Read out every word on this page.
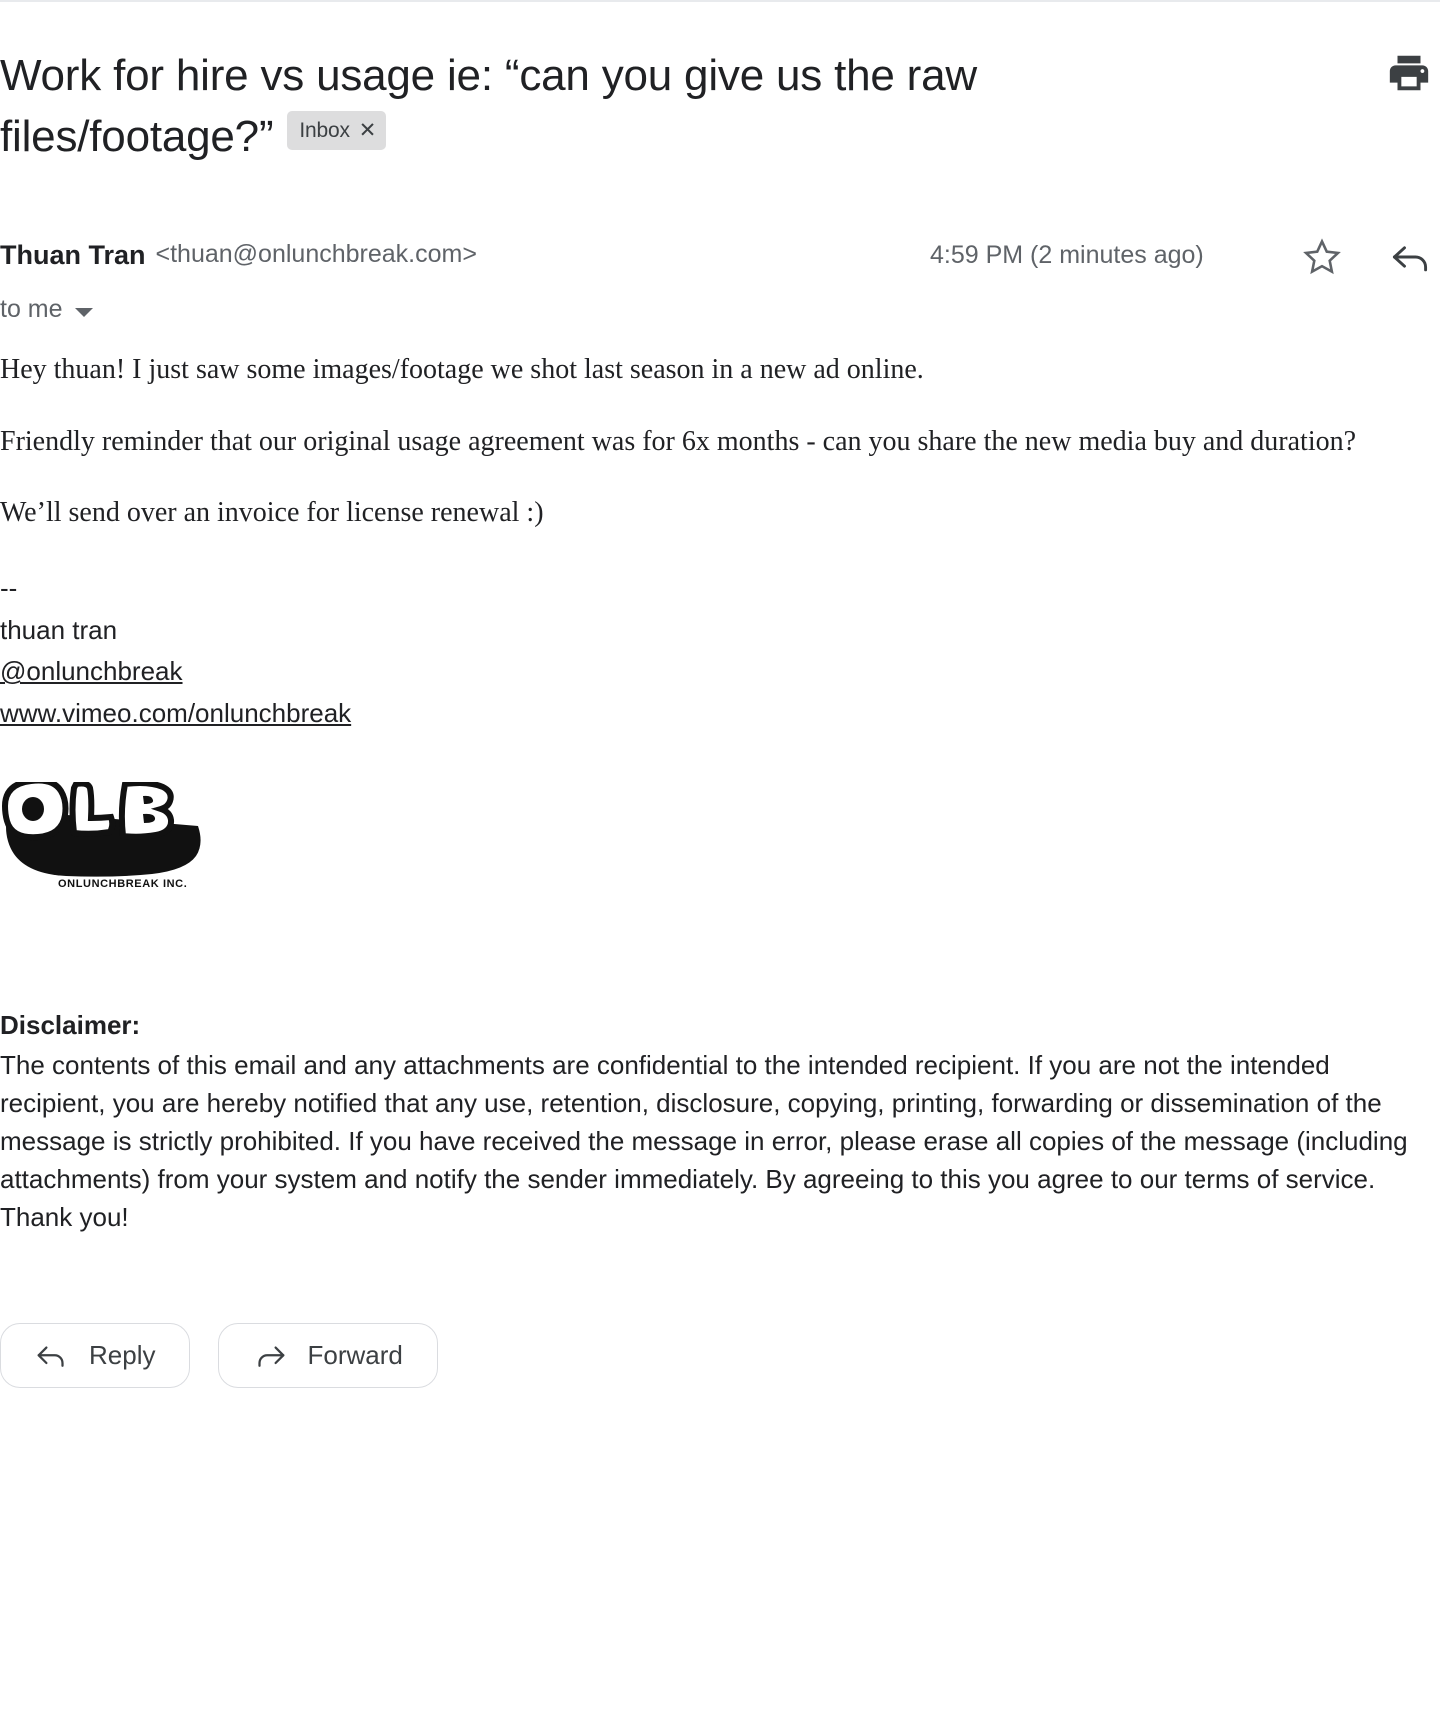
Work for hire vs usage ie: “can you give us the raw files/footage?” Inbox ✕
Thuan Tran <thuan@onlunchbreak.com>	4:59 PM (2 minutes ago)
to me

Hey thuan! I just saw some images/footage we shot last season in a new ad online.

Friendly reminder that our original usage agreement was for 6x months - can you share the new media buy and duration?

We’ll send over an invoice for license renewal :)

--
thuan tran
@onlunchbreak
www.vimeo.com/onlunchbreak
ONLUNCHBREAK INC.
Disclaimer:
The contents of this email and any attachments are confidential to the intended recipient. If you are not the intended recipient, you are hereby notified that any use, retention, disclosure, copying, printing, forwarding or dissemination of the message is strictly prohibited. If you have received the message in error, please erase all copies of the message (including attachments) from your system and notify the sender immediately. By agreeing to this you agree to our terms of service. Thank you!
Reply	Forward
